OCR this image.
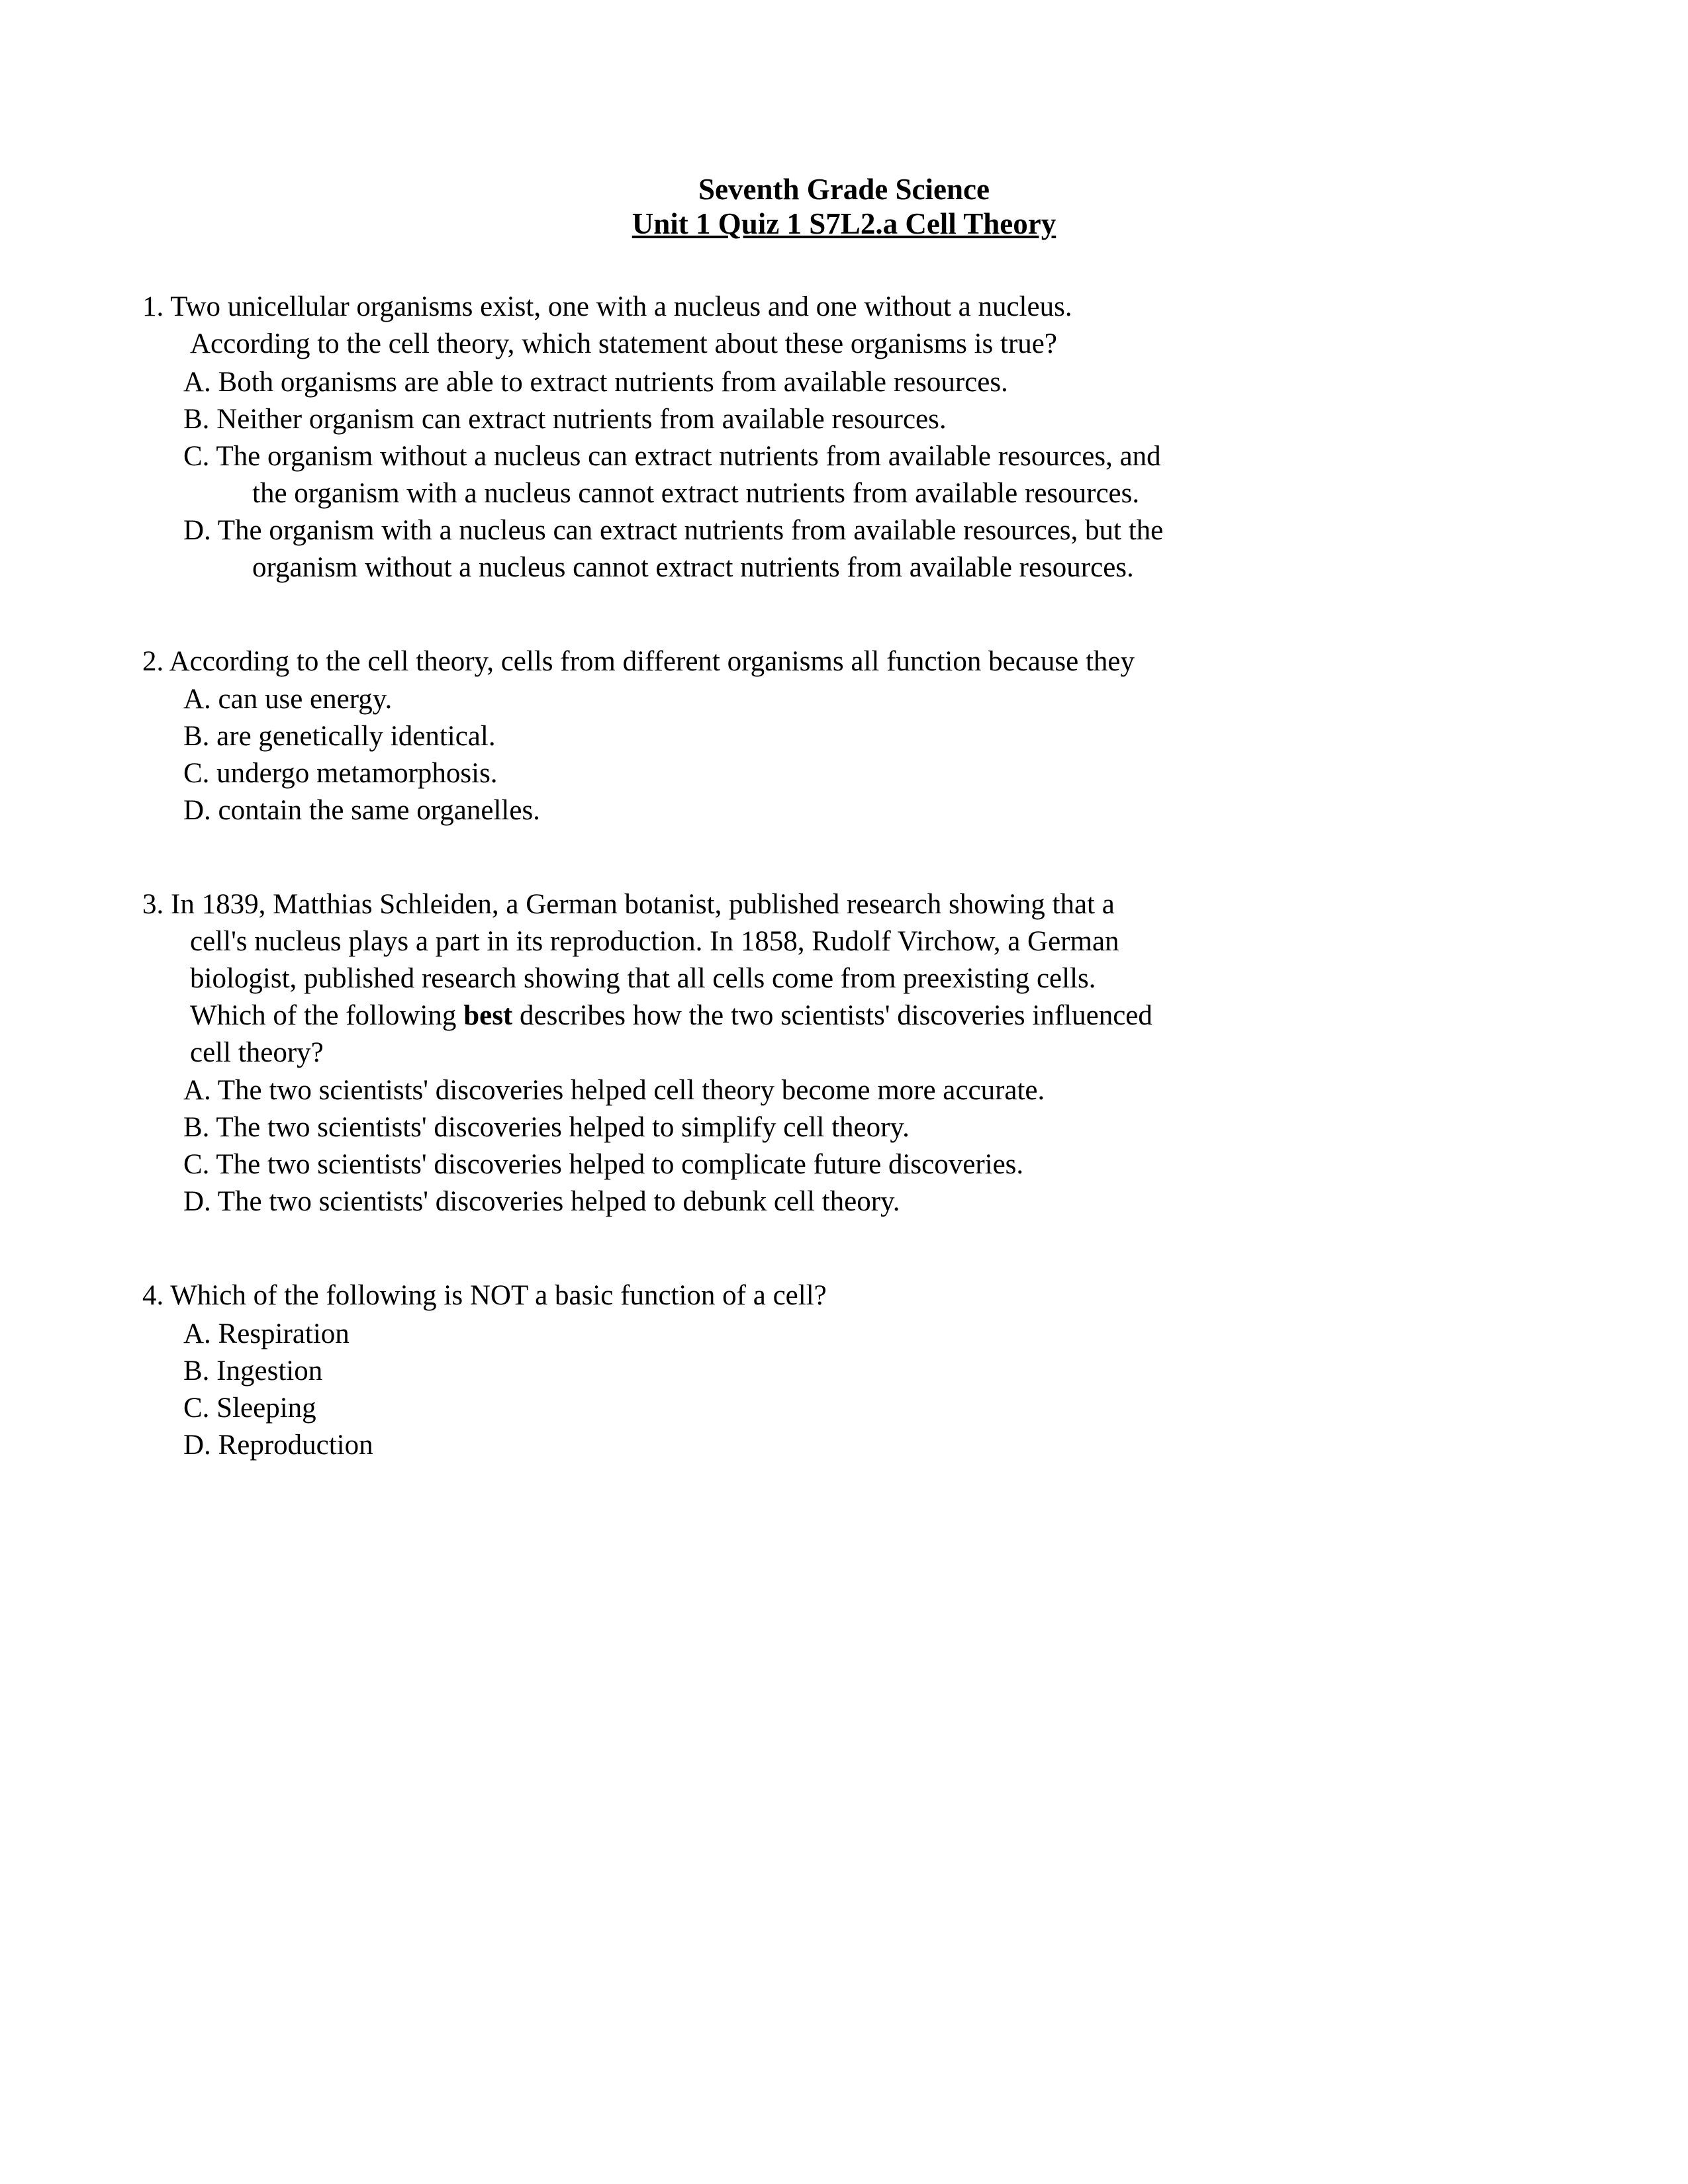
Seventh Grade Science
Unit 1 Quiz 1 S7L2.a Cell Theory
1. Two unicellular organisms exist, one with a nucleus and one without a nucleus.
According to the cell theory, which statement about these organisms is true?
A. Both organisms are able to extract nutrients from available resources.
B. Neither organism can extract nutrients from available resources.
C. The organism without a nucleus can extract nutrients from available resources, and
the organism with a nucleus cannot extract nutrients from available resources.
D. The organism with a nucleus can extract nutrients from available resources, but the
organism without a nucleus cannot extract nutrients from available resources.
2. According to the cell theory, cells from different organisms all function because they
A. can use energy.
B. are genetically identical.
C. undergo metamorphosis.
D. contain the same organelles.
3. In 1839, Matthias Schleiden, a German botanist, published research showing that a
cell's nucleus plays a part in its reproduction. In 1858, Rudolf Virchow, a German
biologist, published research showing that all cells come from preexisting cells.
Which of the following best describes how the two scientists' discoveries influenced
cell theory?
A. The two scientists' discoveries helped cell theory become more accurate.
B. The two scientists' discoveries helped to simplify cell theory.
C. The two scientists' discoveries helped to complicate future discoveries.
D. The two scientists' discoveries helped to debunk cell theory.
4. Which of the following is NOT a basic function of a cell?
A. Respiration
B. Ingestion
C. Sleeping
D. Reproduction
